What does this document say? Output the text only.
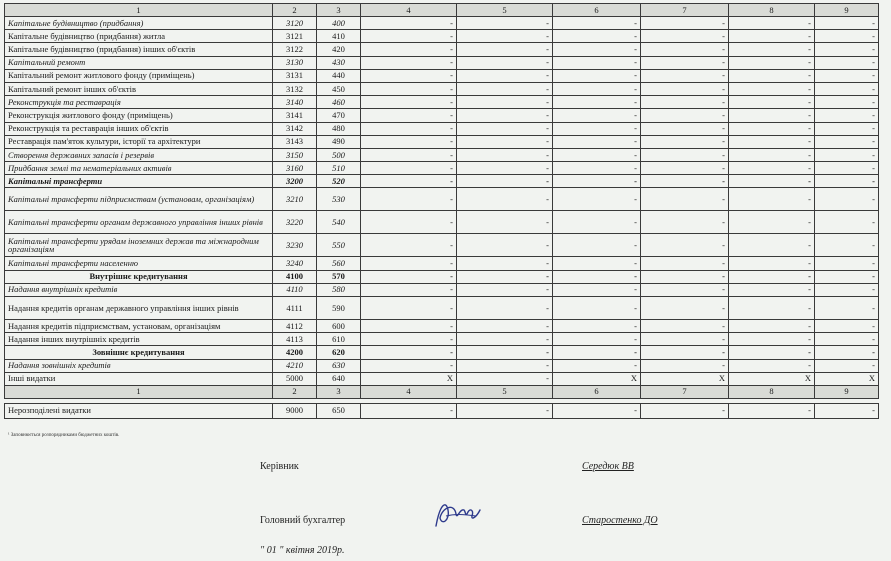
1	2	3	4	5	6	7	8	9
Капітальне будівництво (придбання)	3120	400	-	-	-	-	-	-
Капітальне будівництво (придбання) житла	3121	410	-	-	-	-	-	-
Капітальне будівництво (придбання) інших об'єктів	3122	420	-	-	-	-	-	-
Капітальний ремонт	3130	430	-	-	-	-	-	-
Капітальний ремонт житлового фонду (приміщень)	3131	440	-	-	-	-	-	-
Капітальний ремонт інших об'єктів	3132	450	-	-	-	-	-	-
Реконструкція та реставрація	3140	460	-	-	-	-	-	-
Реконструкція житлового фонду (приміщень)	3141	470	-	-	-	-	-	-
Реконструкція та реставрація інших об'єктів	3142	480	-	-	-	-	-	-
Реставрація пам'яток культури, історії та архітектури	3143	490	-	-	-	-	-	-
Створення державних запасів і резервів	3150	500	-	-	-	-	-	-
Придбання землі та нематеріальних активів	3160	510	-	-	-	-	-	-
Капітальні трансферти	3200	520	-	-	-	-	-	-
Капітальні трансферти підприємствам (установам, організаціям)	3210	530	-	-	-	-	-	-
Капітальні трансферти органам державного управління інших рівнів	3220	540	-	-	-	-	-	-
Капітальні трансферти урядам іноземних держав та міжнародним організаціям	3230	550	-	-	-	-	-	-
Капітальні трансферти населенню	3240	560	-	-	-	-	-	-
Внутрішнє кредитування	4100	570	-	-	-	-	-	-
Надання внутрішніх кредитів	4110	580	-	-	-	-	-	-
Надання кредитів органам державного управління інших рівнів	4111	590	-	-	-	-	-	-
Надання кредитів підприємствам, установам, організаціям	4112	600	-	-	-	-	-	-
Надання інших внутрішніх кредитів	4113	610	-	-	-	-	-	-
Зовнішнє кредитування	4200	620	-	-	-	-	-	-
Надання зовнішніх кредитів	4210	630	-	-	-	-	-	-
Інші видатки	5000	640	X	-	X	X	X	X
1	2	3	4	5	6	7	8	9

Нерозподілені видатки	9000	650	-	-	-	-	-	-
¹ Заповнюється розпорядниками бюджетних коштів.
Керівник	Середюк ВВ
Головний бухгалтер	Старостенко ДО
" 01 " квітня 2019р.
